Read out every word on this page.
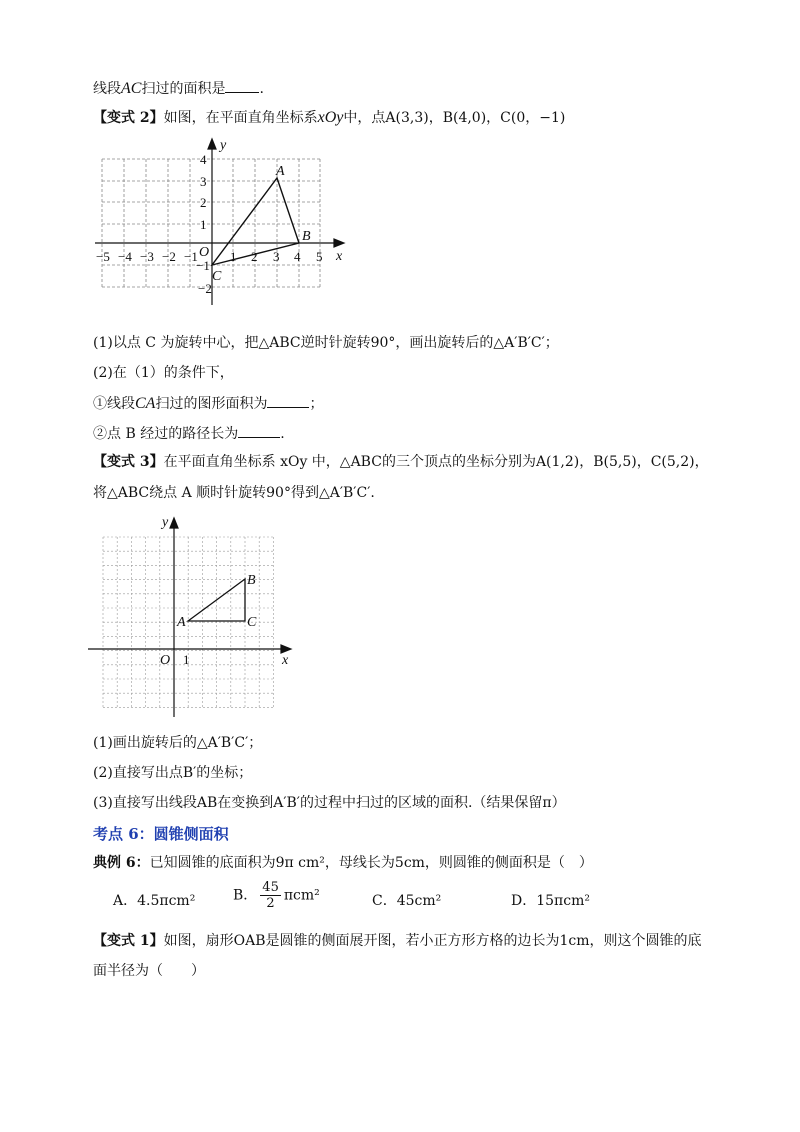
线段AC扫过的面积是 .
【变式 2】如图，在平面直角坐标系xOy中，点A(3,3)，B(4,0)，C(0，−1)
−5 −4 −3 −2 −1 1 2 3 4 5
4
3
2
1
−1
−2
O	x
y
A
B
C
(1)以点 C 为旋转中心，把△ABC逆时针旋转90°，画出旋转后的△A′B′C′；
(2)在（1）的条件下，
①线段CA扫过的图形面积为	；
②点 B 经过的路径长为	.
【变式 3】在平面直角坐标系 xOy 中，△ABC的三个顶点的坐标分别为A(1,2)，B(5,5)，C(5,2)，
将△ABC绕点 A 顺时针旋转90°得到△A′B′C′.
O 1	x
y
A
B
C
(1)画出旋转后的△A′B′C′；
(2)直接写出点B′的坐标；
(3)直接写出线段AB在变换到A′B′的过程中扫过的区域的面积.（结果保留π）
考点 6：圆锥侧面积
典例 6：已知圆锥的底面积为9π cm²，母线长为5cm，则圆锥的侧面积是（　）
A．4.5πcm²	B． $\frac{45}{2} \pi cm^2$	C．45cm²	D．15πcm²
【变式 1】如图，扇形OAB是圆锥的侧面展开图，若小正方形方格的边长为1cm，则这个圆锥的底
面半径为（　　）
